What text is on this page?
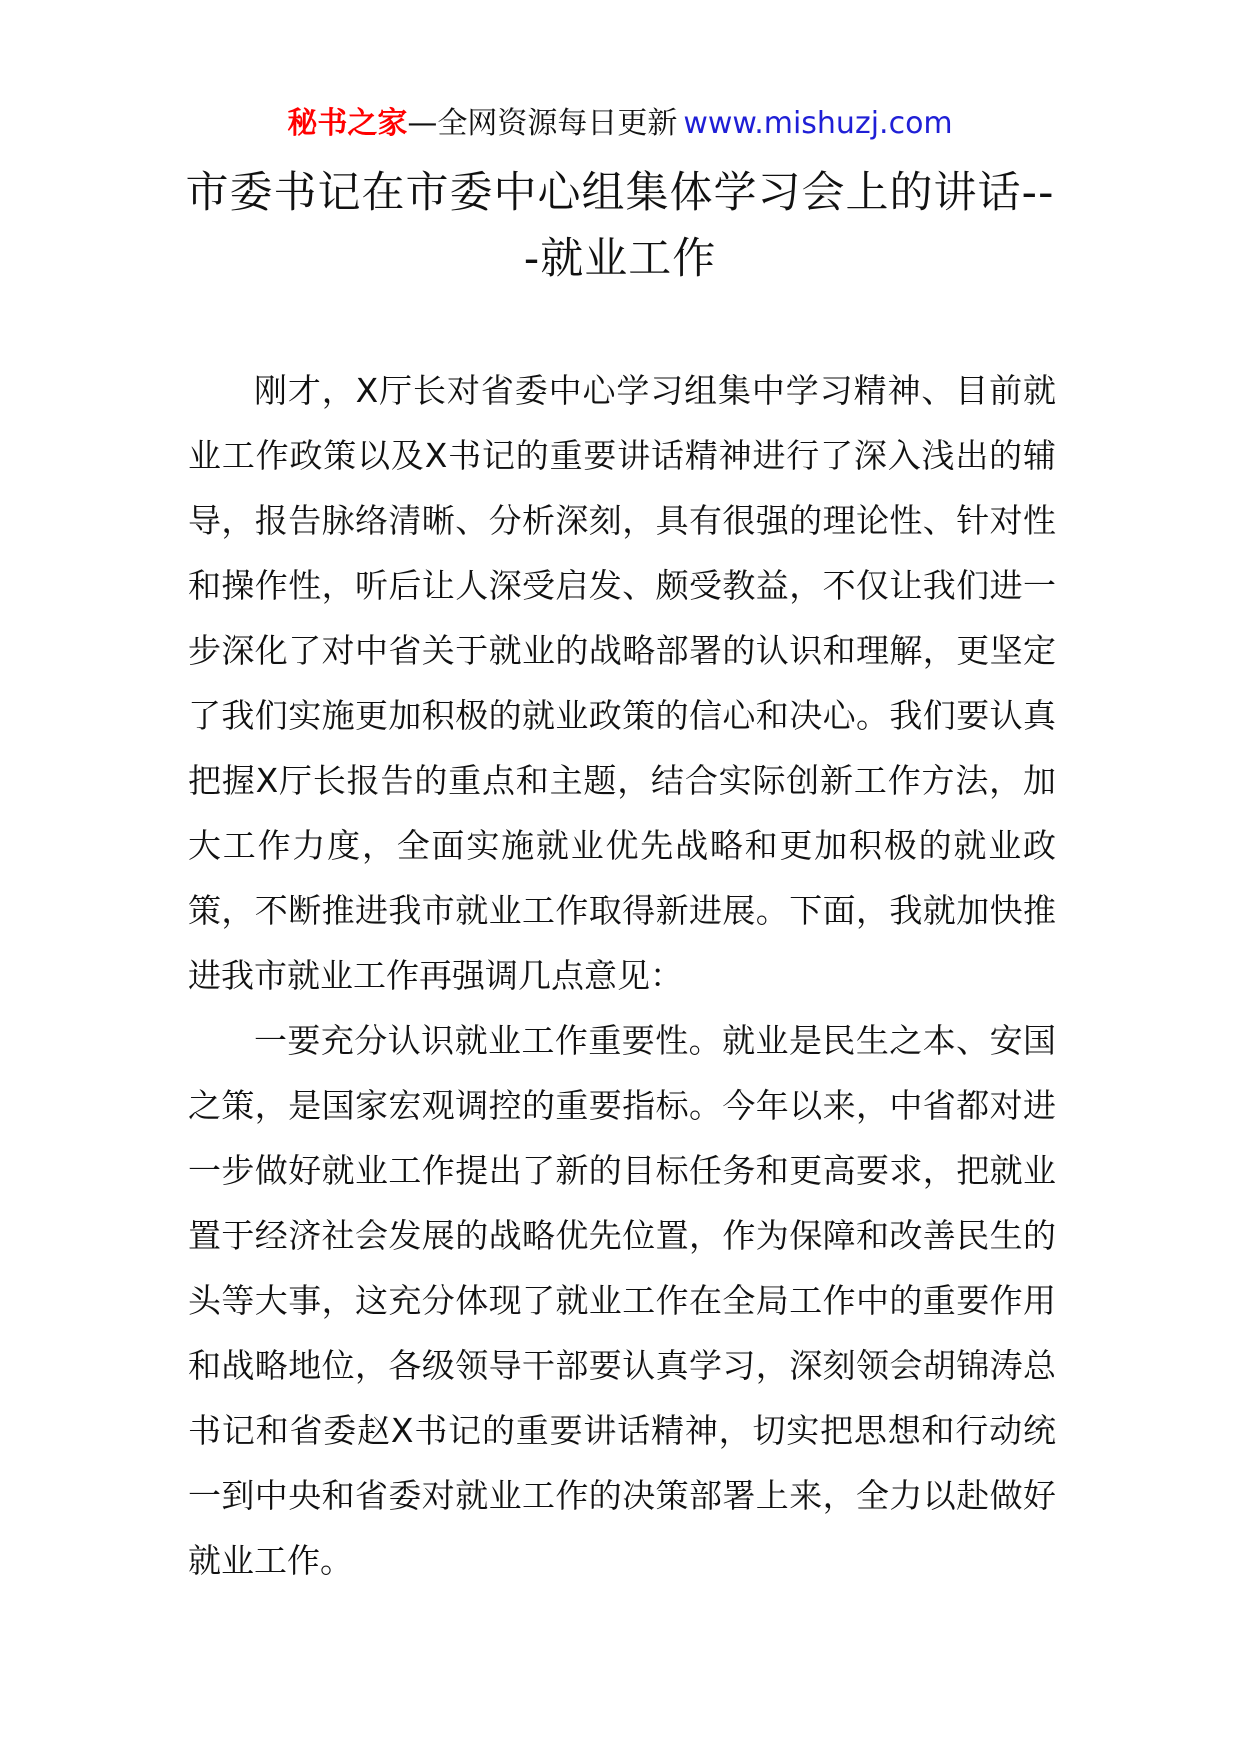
秘书之家—全网资源每日更新 www.mishuzj.com
市委书记在市委中心组集体学习会上的讲话---就业工作

刚才，X厅长对省委中心学习组集中学习精神、目前就业工作政策以及X书记的重要讲话精神进行了深入浅出的辅导，报告脉络清晰、分析深刻，具有很强的理论性、针对性和操作性，听后让人深受启发、颇受教益，不仅让我们进一步深化了对中省关于就业的战略部署的认识和理解，更坚定了我们实施更加积极的就业政策的信心和决心。我们要认真把握X厅长报告的重点和主题，结合实际创新工作方法，加大工作力度，全面实施就业优先战略和更加积极的就业政策，不断推进我市就业工作取得新进展。下面，我就加快推进我市就业工作再强调几点意见：

一要充分认识就业工作重要性。就业是民生之本、安国之策，是国家宏观调控的重要指标。今年以来，中省都对进一步做好就业工作提出了新的目标任务和更高要求，把就业置于经济社会发展的战略优先位置，作为保障和改善民生的头等大事，这充分体现了就业工作在全局工作中的重要作用和战略地位，各级领导干部要认真学习，深刻领会胡锦涛总书记和省委赵X书记的重要讲话精神，切实把思想和行动统一到中央和省委对就业工作的决策部署上来，全力以赴做好就业工作。
